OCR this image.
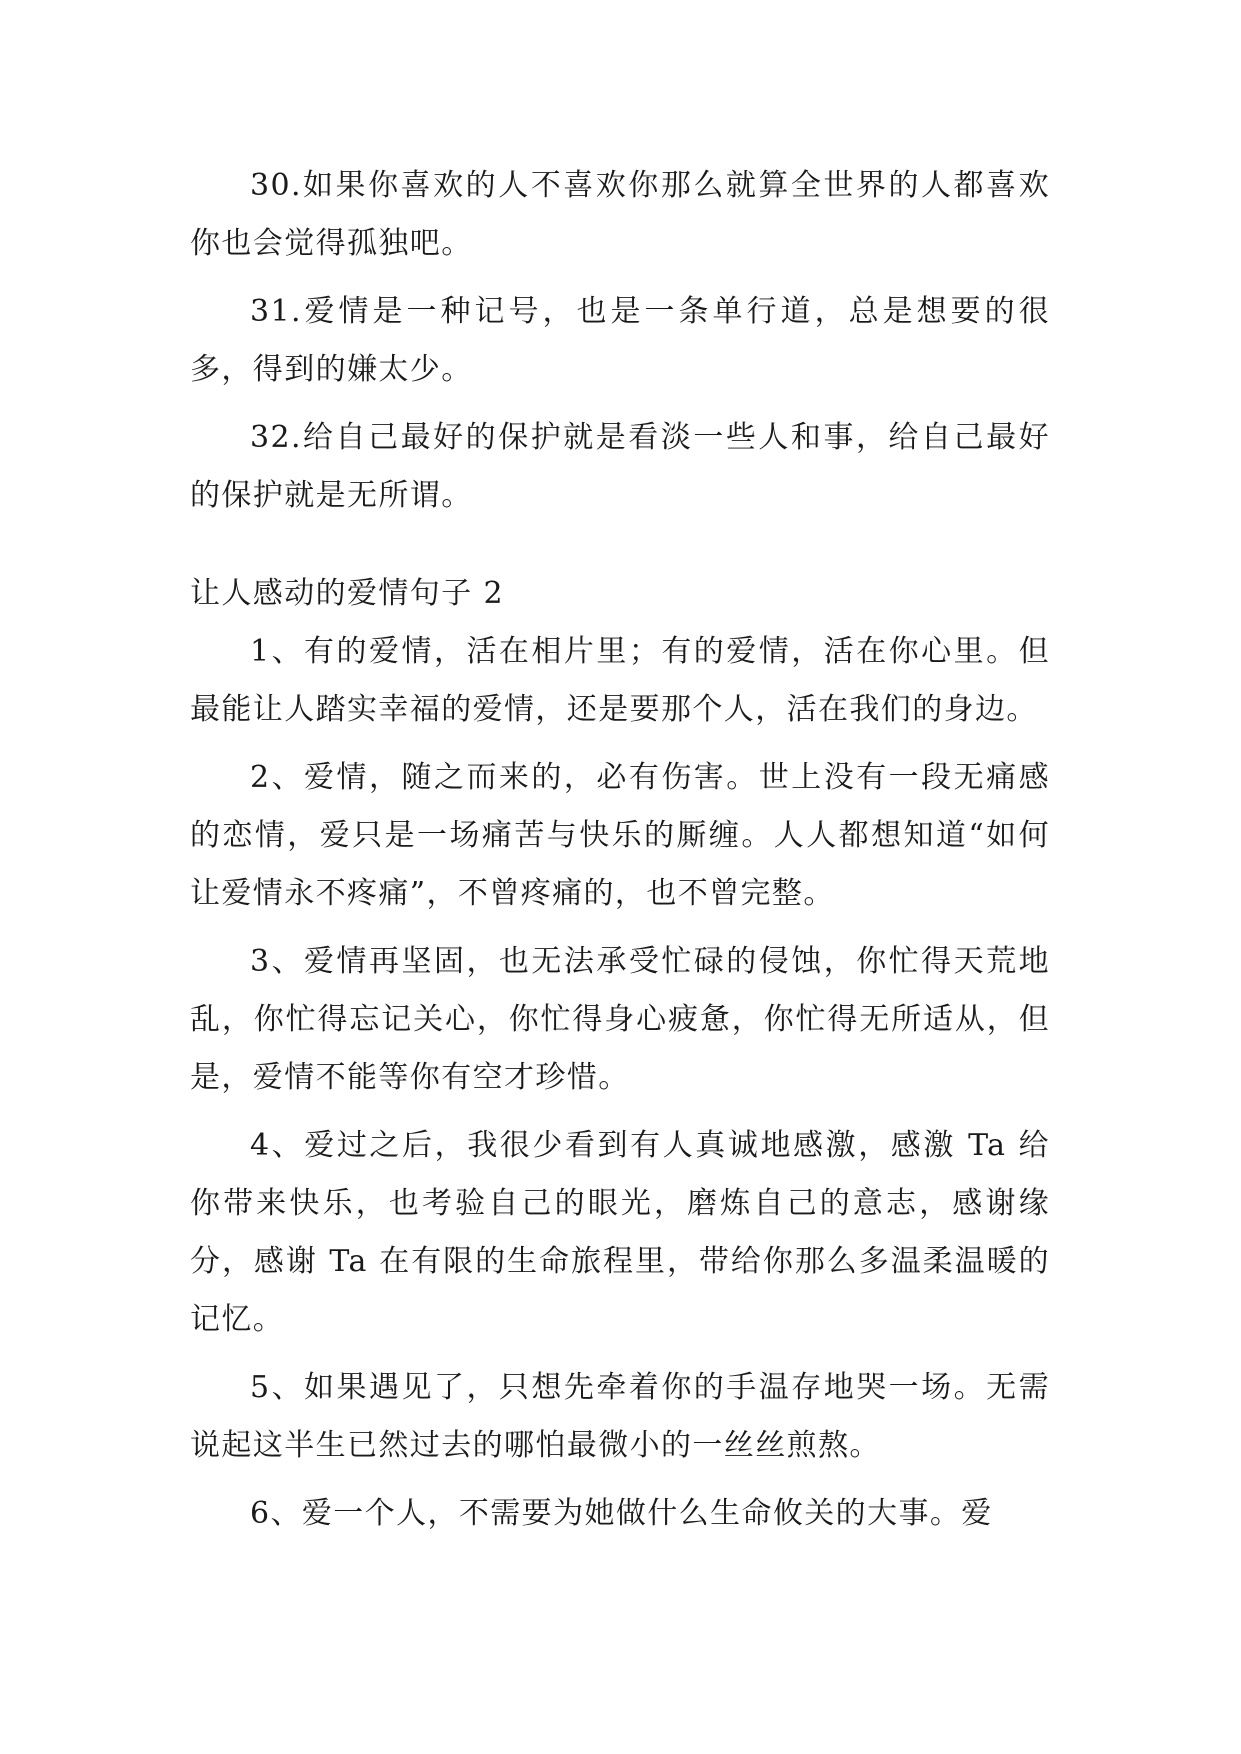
30.如果你喜欢的人不喜欢你那么就算全世界的人都喜欢你也会觉得孤独吧。

31.爱情是一种记号，也是一条单行道，总是想要的很多，得到的嫌太少。

32.给自己最好的保护就是看淡一些人和事，给自己最好的保护就是无所谓。

让人感动的爱情句子 2

1、有的爱情，活在相片里；有的爱情，活在你心里。但最能让人踏实幸福的爱情，还是要那个人，活在我们的身边。

2、爱情，随之而来的，必有伤害。世上没有一段无痛感的恋情，爱只是一场痛苦与快乐的厮缠。人人都想知道“如何让爱情永不疼痛”，不曾疼痛的，也不曾完整。

3、爱情再坚固，也无法承受忙碌的侵蚀，你忙得天荒地乱，你忙得忘记关心，你忙得身心疲惫，你忙得无所适从，但是，爱情不能等你有空才珍惜。

4、爱过之后，我很少看到有人真诚地感激，感激 Ta 给你带来快乐，也考验自己的眼光，磨炼自己的意志，感谢缘分，感谢 Ta 在有限的生命旅程里，带给你那么多温柔温暖的记忆。

5、如果遇见了，只想先牵着你的手温存地哭一场。无需说起这半生已然过去的哪怕最微小的一丝丝煎熬。

6、爱一个人，不需要为她做什么生命攸关的大事。爱
